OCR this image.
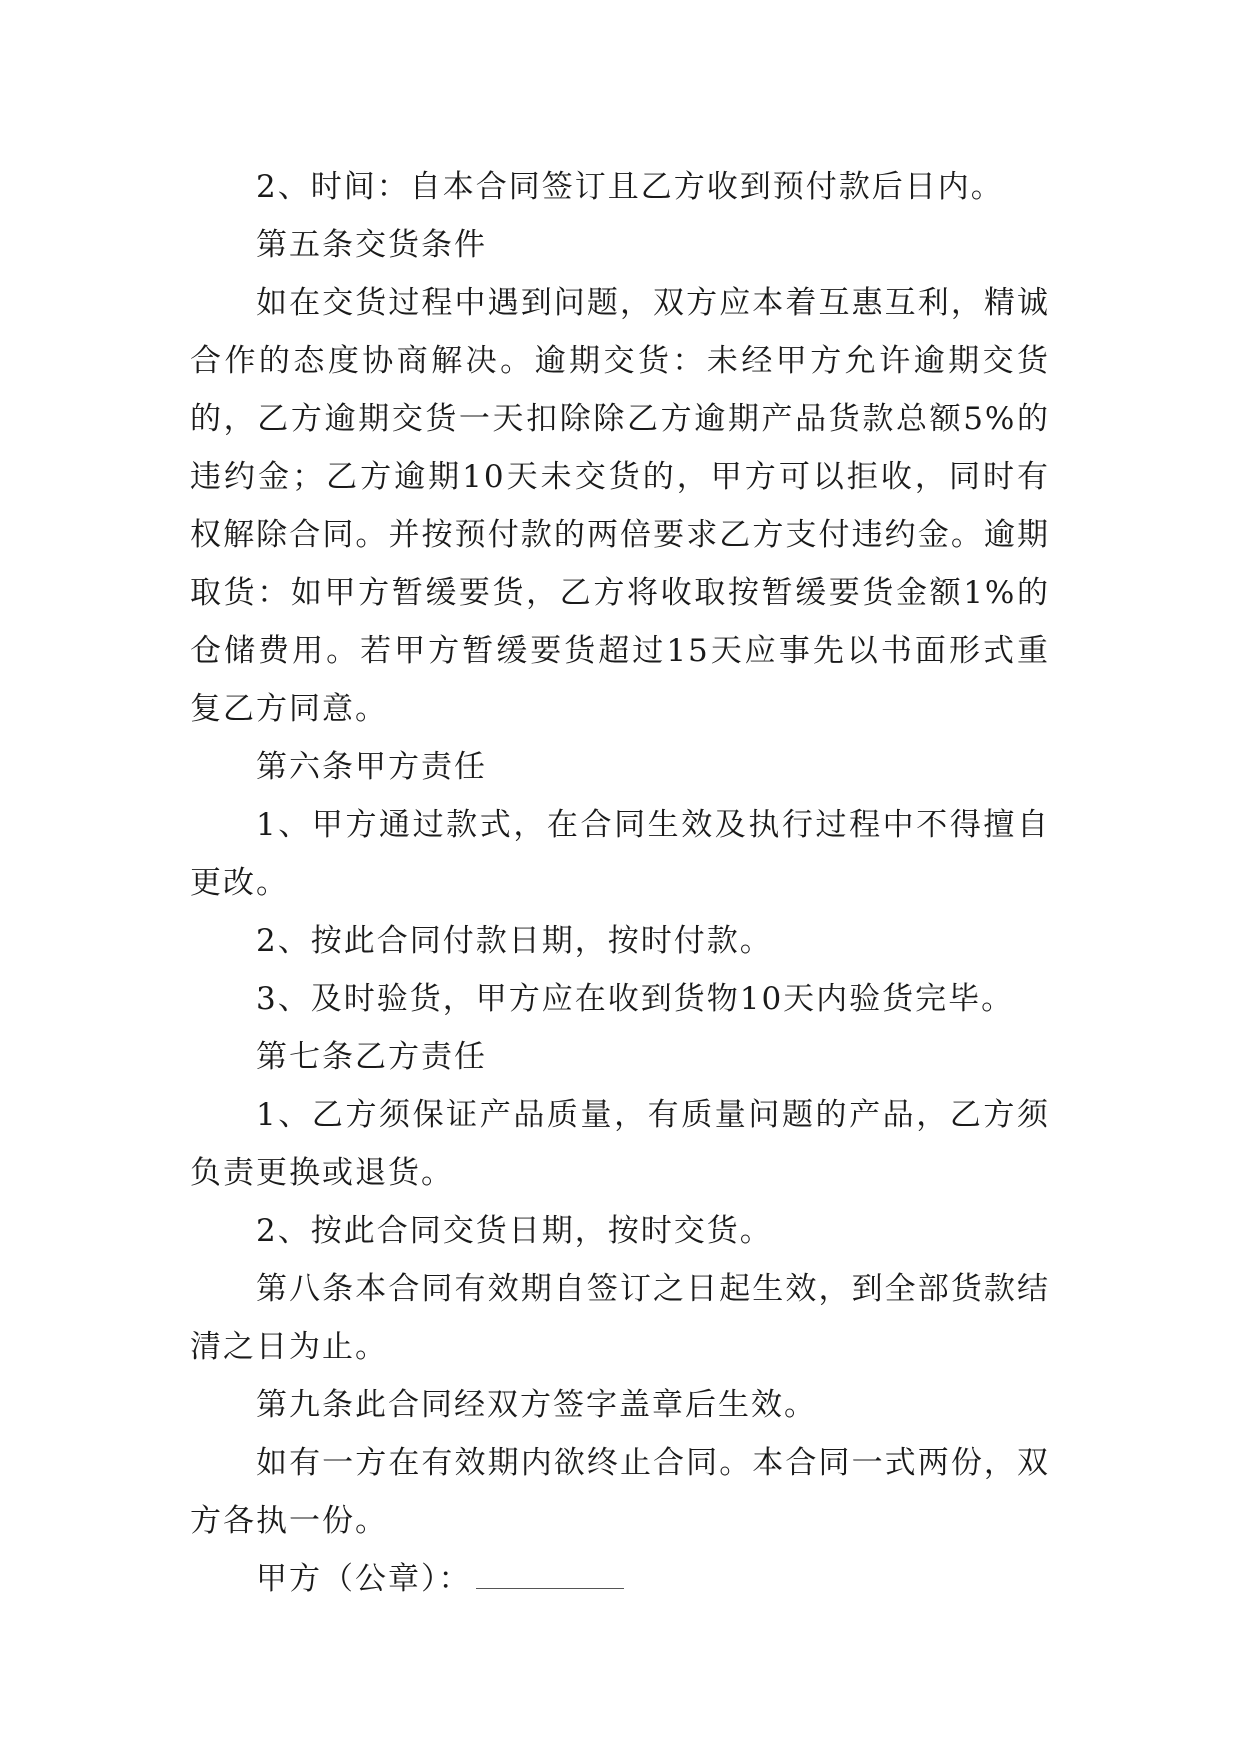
2、时间：自本合同签订且乙方收到预付款后日内。

第五条交货条件

如在交货过程中遇到问题，双方应本着互惠互利，精诚合作的态度协商解决。逾期交货：未经甲方允许逾期交货的，乙方逾期交货一天扣除除乙方逾期产品货款总额5%的违约金；乙方逾期10天未交货的，甲方可以拒收，同时有权解除合同。并按预付款的两倍要求乙方支付违约金。逾期取货：如甲方暂缓要货，乙方将收取按暂缓要货金额1%的仓储费用。若甲方暂缓要货超过15天应事先以书面形式重复乙方同意。

第六条甲方责任

1、甲方通过款式，在合同生效及执行过程中不得擅自更改。

2、按此合同付款日期，按时付款。

3、及时验货，甲方应在收到货物10天内验货完毕。

第七条乙方责任

1、乙方须保证产品质量，有质量问题的产品，乙方须负责更换或退货。

2、按此合同交货日期，按时交货。

第八条本合同有效期自签订之日起生效，到全部货款结清之日为止。

第九条此合同经双方签字盖章后生效。

如有一方在有效期内欲终止合同。本合同一式两份，双方各执一份。

甲方（公章）：
